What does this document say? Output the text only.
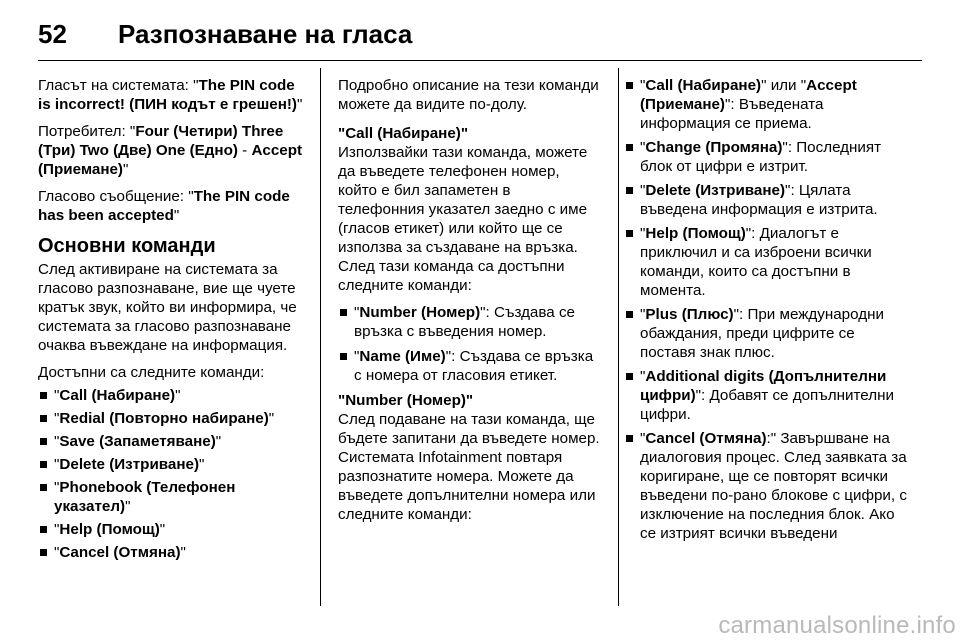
52	Разпознаване на гласа

Гласът на системата: "The PIN code is incorrect! (ПИН кодът е грешен!)"

Потребител: "Four (Четири) Three (Три) Two (Две) One (Едно) - Accept (Приемане)"

Гласово съобщение: "The PIN code has been accepted"

Основни команди

След активиране на системата за гласово разпознаване, вие ще чуете кратък звук, който ви информира, че системата за гласово разпознаване очаква въвеждане на информация.

Достъпни са следните команди:

"Call (Набиране)"
"Redial (Повторно набиране)"
"Save (Запаметяване)"
"Delete (Изтриване)"
"Phonebook (Телефонен указател)"
"Help (Помощ)"
"Cancel (Отмяна)"

Подробно описание на тези команди можете да видите по-долу.

"Call (Набиране)"

Използвайки тази команда, можете да въведете телефонен номер, който е бил запаметен в телефонния указател заедно с име (гласов етикет) или който ще се използва за създаване на връзка. След тази команда са достъпни следните команди:

"Number (Номер)": Създава се връзка с въведения номер.
"Name (Име)": Създава се връзка с номера от гласовия етикет.
"Number (Номер)"

След подаване на тази команда, ще бъдете запитани да въведете номер. Системата Infotainment повтаря разпознатите номера. Можете да въведете допълнителни номера или следните команди:

"Call (Набиране)" или "Accept (Приемане)": Въведената информация се приема.
"Change (Промяна)": Последният блок от цифри е изтрит.
"Delete (Изтриване)": Цялата въведена информация е изтрита.
"Help (Помощ)": Диалогът е приключил и са изброени всички команди, които са достъпни в момента.
"Plus (Плюс)": При международни обаждания, преди цифрите се поставя знак плюс.
"Additional digits (Допълнителни цифри)": Добавят се допълнителни цифри.
"Cancel (Отмяна):" Завършване на диалоговия процес. След заявката за коригиране, ще се повторят всички въведени по-рано блокове с цифри, с изключение на последния блок. Ако се изтрият всички въведени
carmanualsonline.info
